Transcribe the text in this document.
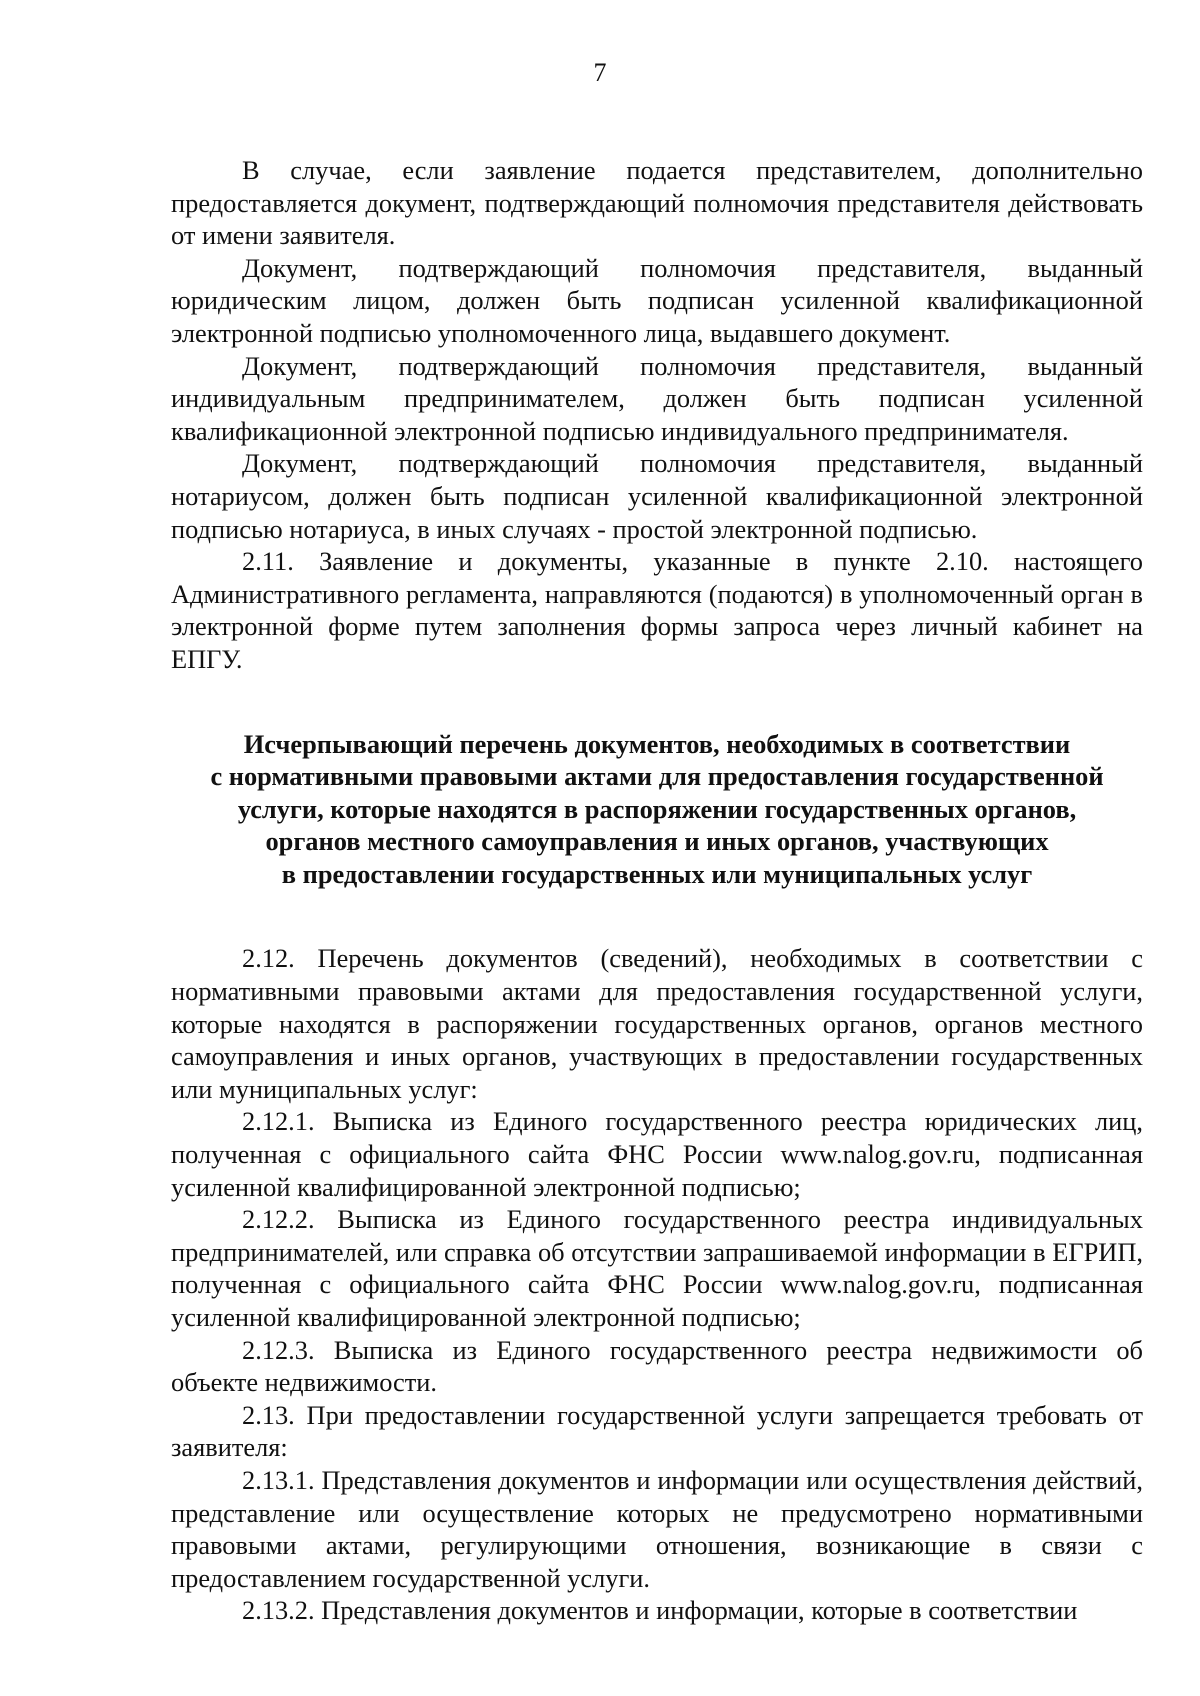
7

В случае, если заявление подается представителем, дополнительно предоставляется документ, подтверждающий полномочия представителя действовать от имени заявителя.

Документ, подтверждающий полномочия представителя, выданный юридическим лицом, должен быть подписан усиленной квалификационной электронной подписью уполномоченного лица, выдавшего документ.

Документ, подтверждающий полномочия представителя, выданный индивидуальным предпринимателем, должен быть подписан усиленной квалификационной электронной подписью индивидуального предпринимателя.

Документ, подтверждающий полномочия представителя, выданный нотариусом, должен быть подписан усиленной квалификационной электронной подписью нотариуса, в иных случаях - простой электронной подписью.

2.11. Заявление и документы, указанные в пункте 2.10. настоящего Административного регламента, направляются (подаются) в уполномоченный орган в электронной форме путем заполнения формы запроса через личный кабинет на ЕПГУ.

Исчерпывающий перечень документов, необходимых в соответствии
с нормативными правовыми актами для предоставления государственной
услуги, которые находятся в распоряжении государственных органов,
органов местного самоуправления и иных органов, участвующих
в предоставлении государственных или муниципальных услуг

2.12. Перечень документов (сведений), необходимых в соответствии с нормативными правовыми актами для предоставления государственной услуги, которые находятся в распоряжении государственных органов, органов местного самоуправления и иных органов, участвующих в предоставлении государственных или муниципальных услуг:

2.12.1. Выписка из Единого государственного реестра юридических лиц, полученная с официального сайта ФНС России www.nalog.gov.ru, подписанная усиленной квалифицированной электронной подписью;

2.12.2. Выписка из Единого государственного реестра индивидуальных предпринимателей, или справка об отсутствии запрашиваемой информации в ЕГРИП, полученная с официального сайта ФНС России www.nalog.gov.ru, подписанная усиленной квалифицированной электронной подписью;

2.12.3. Выписка из Единого государственного реестра недвижимости об объекте недвижимости.

2.13. При предоставлении государственной услуги запрещается требовать от заявителя:

2.13.1. Представления документов и информации или осуществления действий, представление или осуществление которых не предусмотрено нормативными правовыми актами, регулирующими отношения, возникающие в связи с предоставлением государственной услуги.

2.13.2. Представления документов и информации, которые в соответствии
